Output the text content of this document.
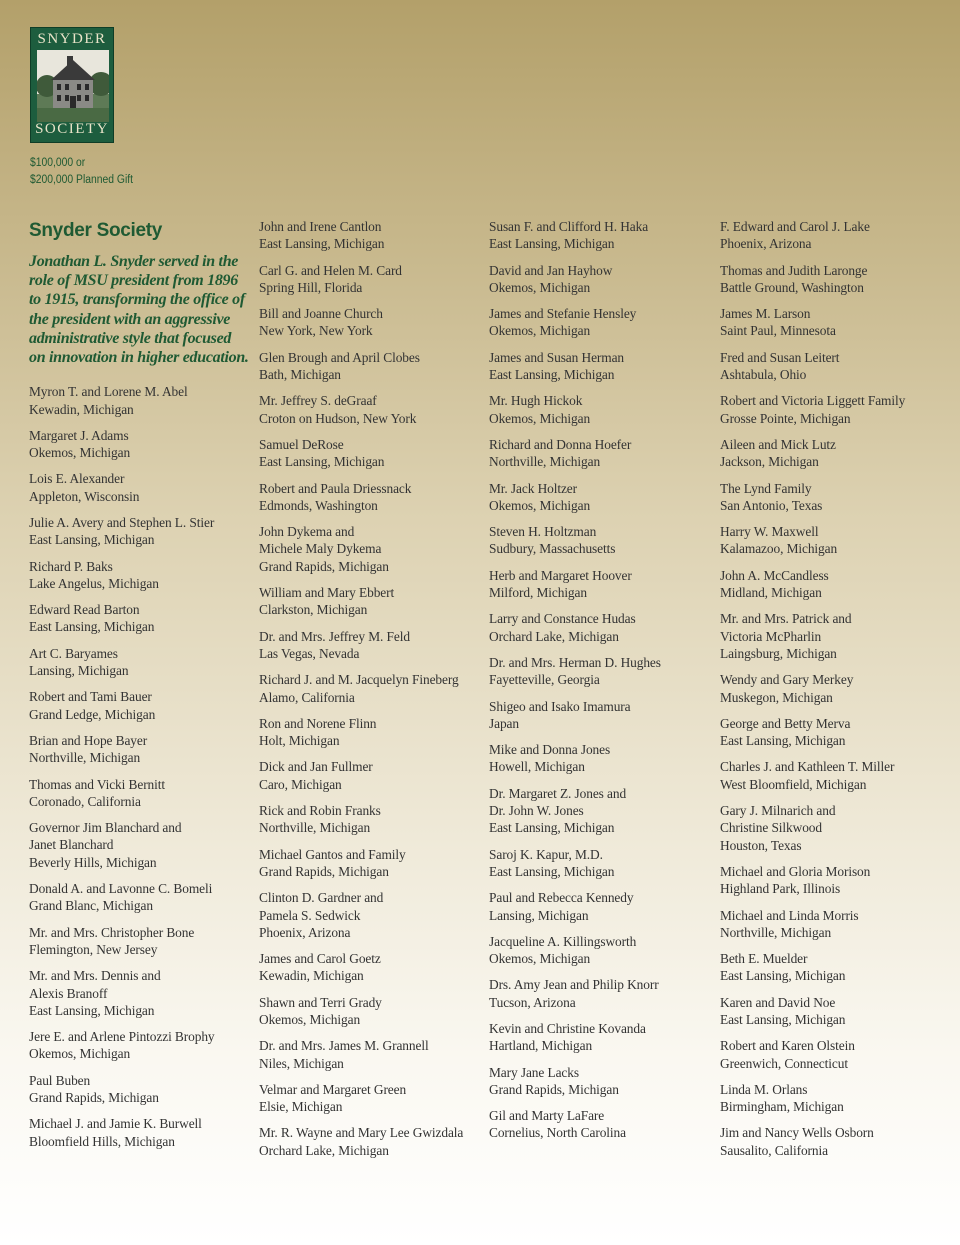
SNYDER
SOCIETY
$100,000 or
$200,000 Planned Gift
Snyder Society
Jonathan L. Snyder served in the role of MSU president from 1896 to 1915, transforming the office of the president with an aggressive administrative style that focused on innovation in higher education.
Myron T. and Lorene M. Abel
Kewadin, Michigan
Margaret J. Adams
Okemos, Michigan
Lois E. Alexander
Appleton, Wisconsin
Julie A. Avery and Stephen L. Stier
East Lansing, Michigan
Richard P. Baks
Lake Angelus, Michigan
Edward Read Barton
East Lansing, Michigan
Art C. Baryames
Lansing, Michigan
Robert and Tami Bauer
Grand Ledge, Michigan
Brian and Hope Bayer
Northville, Michigan
Thomas and Vicki Bernitt
Coronado, California
Governor Jim Blanchard and
Janet Blanchard
Beverly Hills, Michigan
Donald A. and Lavonne C. Bomeli
Grand Blanc, Michigan
Mr. and Mrs. Christopher Bone
Flemington, New Jersey
Mr. and Mrs. Dennis and
Alexis Branoff
East Lansing, Michigan
Jere E. and Arlene Pintozzi Brophy
Okemos, Michigan
Paul Buben
Grand Rapids, Michigan
Michael J. and Jamie K. Burwell
Bloomfield Hills, Michigan
John and Irene Cantlon
East Lansing, Michigan
Carl G. and Helen M. Card
Spring Hill, Florida
Bill and Joanne Church
New York, New York
Glen Brough and April Clobes
Bath, Michigan
Mr. Jeffrey S. deGraaf
Croton on Hudson, New York
Samuel DeRose
East Lansing, Michigan
Robert and Paula Driessnack
Edmonds, Washington
John Dykema and
Michele Maly Dykema
Grand Rapids, Michigan
William and Mary Ebbert
Clarkston, Michigan
Dr. and Mrs. Jeffrey M. Feld
Las Vegas, Nevada
Richard J. and M. Jacquelyn Fineberg
Alamo, California
Ron and Norene Flinn
Holt, Michigan
Dick and Jan Fullmer
Caro, Michigan
Rick and Robin Franks
Northville, Michigan
Michael Gantos and Family
Grand Rapids, Michigan
Clinton D. Gardner and
Pamela S. Sedwick
Phoenix, Arizona
James and Carol Goetz
Kewadin, Michigan
Shawn and Terri Grady
Okemos, Michigan
Dr. and Mrs. James M. Grannell
Niles, Michigan
Velmar and Margaret Green
Elsie, Michigan
Mr. R. Wayne and Mary Lee Gwizdala
Orchard Lake, Michigan
Susan F. and Clifford H. Haka
East Lansing, Michigan
David and Jan Hayhow
Okemos, Michigan
James and Stefanie Hensley
Okemos, Michigan
James and Susan Herman
East Lansing, Michigan
Mr. Hugh Hickok
Okemos, Michigan
Richard and Donna Hoefer
Northville, Michigan
Mr. Jack Holtzer
Okemos, Michigan
Steven H. Holtzman
Sudbury, Massachusetts
Herb and Margaret Hoover
Milford, Michigan
Larry and Constance Hudas
Orchard Lake, Michigan
Dr. and Mrs. Herman D. Hughes
Fayetteville, Georgia
Shigeo and Isako Imamura
Japan
Mike and Donna Jones
Howell, Michigan
Dr. Margaret Z. Jones and
Dr. John W. Jones
East Lansing, Michigan
Saroj K. Kapur, M.D.
East Lansing, Michigan
Paul and Rebecca Kennedy
Lansing, Michigan
Jacqueline A. Killingsworth
Okemos, Michigan
Drs. Amy Jean and Philip Knorr
Tucson, Arizona
Kevin and Christine Kovanda
Hartland, Michigan
Mary Jane Lacks
Grand Rapids, Michigan
Gil and Marty LaFare
Cornelius, North Carolina
F. Edward and Carol J. Lake
Phoenix, Arizona
Thomas and Judith Laronge
Battle Ground, Washington
James M. Larson
Saint Paul, Minnesota
Fred and Susan Leitert
Ashtabula, Ohio
Robert and Victoria Liggett Family
Grosse Pointe, Michigan
Aileen and Mick Lutz
Jackson, Michigan
The Lynd Family
San Antonio, Texas
Harry W. Maxwell
Kalamazoo, Michigan
John A. McCandless
Midland, Michigan
Mr. and Mrs. Patrick and
Victoria McPharlin
Laingsburg, Michigan
Wendy and Gary Merkey
Muskegon, Michigan
George and Betty Merva
East Lansing, Michigan
Charles J. and Kathleen T. Miller
West Bloomfield, Michigan
Gary J. Milnarich and
Christine Silkwood
Houston, Texas
Michael and Gloria Morison
Highland Park, Illinois
Michael and Linda Morris
Northville, Michigan
Beth E. Muelder
East Lansing, Michigan
Karen and David Noe
East Lansing, Michigan
Robert and Karen Olstein
Greenwich, Connecticut
Linda M. Orlans
Birmingham, Michigan
Jim and Nancy Wells Osborn
Sausalito, California
